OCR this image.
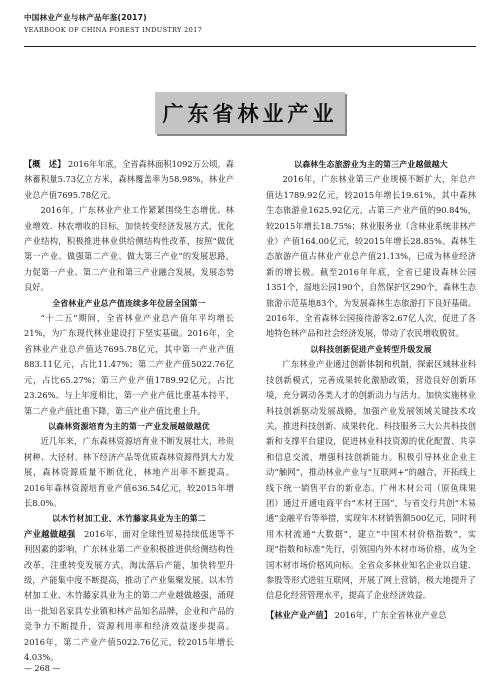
中国林业产业与林产品年鉴(2017)
YEARBOOK OF CHINA FOREST INDUSTRY 2017
广东省林业产业

【概　述】 2016年年底，全省森林面积1092万公顷，森林蓄积量5.73亿立方米，森林覆盖率为58.98%，林业产业总产值7695.78亿元。

2016年，广东林业产业工作紧紧围绕生态增优、林业增效、林农增收的目标，加快转变经济发展方式，优化产业结构，积极推进林业供给侧结构性改革，按照“做优第一产业、做强第二产业、做大第三产业”的发展思路，力促第一产业、第二产业和第三产业融合发展，发展态势良好。

全省林业产业总产值连续多年位居全国第一

“十二五”期间，全省林业产业总产值年平均增长21%，为广东现代林业建设打下坚实基础。2016年，全省林业产业总产值达7695.78亿元，其中第一产业产值883.11亿元，占比11.47%；第二产业产值5022.76亿元，占比65.27%；第三产业产值1789.92亿元，占比23.26%。与上年度相比，第一产业产值比重基本持平，第二产业产值比重下降，第三产业产值比重上升。

以森林资源培育为主的第一产业发展越做越优

近几年来，广东森林资源培育业不断发展壮大，珍贵树种、大径材、林下经济产品等优质森林资源得到大力发展，森林资源质量不断优化，林地产出率不断提高。2016年森林资源培育业产值636.54亿元，较2015年增长8.0%。

以木竹材加工业、木竹藤家具业为主的第二

产业越做越强　 2016年，面对全球性贸易持续低迷等不利因素的影响，广东林业第二产业积极推进供给侧结构性改革，注重转变发展方式，淘汰落后产能，加快转型升级，产能集中度不断提高，推动了产业集聚发展。以木竹材加工业、木竹藤家具业为主的第二产业越做越强，涌现出一批知名家具专业镇和林产品知名品牌，企业和产品的竞争力不断提升，资源利用率和经济效益逐步提高。2016年，第二产业产值5022.76亿元，较2015年增长4.03%。

— 268 —
以森林生态旅游业为主的第三产业越做越大

2016年，广东林业第三产业规模不断扩大，年总产值达1789.92亿元，较2015年增长19.61%，其中森林生态旅游业1625.92亿元，占第三产业产值的90.84%，较2015年增长18.75%；林业服务业（含林业系统非林产业）产值164.00亿元，较2015年增长28.85%。森林生态旅游产值占林业产业总产值21.13%，已成为林业经济新的增长极。截至2016年年底，全省已建设森林公园1351个，湿地公园190个，自然保护区290个，森林生态旅游示范基地83个，为发展森林生态旅游打下良好基础。2016年，全省森林公园接待游客2.67亿人次，促进了各地特色林产品和社会经济发展，带动了农民增收脱贫。

以科技创新促进产业转型升级发展

广东林业产业通过创新体制和机制，探索区域林业科技创新模式，完善成果转化激励政策，营造良好创新环境，充分调动各类人才的创新动力与活力。加快实施林业科技创新驱动发展战略，加强产业发展领域关键技术攻关，推进科技创新、成果转化、科技服务三大公共科技创新和支撑平台建设，促进林业科技资源的优化配置、共享和信息交流，增强科技创新能力。积极引导林业企业主动“触网”，推动林业产业与“互联网+”的融合，开拓线上线下统一销售平台的新业态。广州木材公司（原鱼珠果团）通过开通电商平台“木材王国”，与省交行共创“木易通”金融平台等举措，实现年木材销售额500亿元，同时利用木材流通“大数据”，建立“中国木材价格指数”，实现“指数和标准”先行，引领国内外木材市场价格，成为全国木材市场价格风向标。全省众多林业知名企业以自建、参股等形式进驻互联网，开展了网上营销，极大地提升了信息化经营管理水平，提高了企业经济效益。

【林业产业产值】 2016年，广东全省林业产业总
